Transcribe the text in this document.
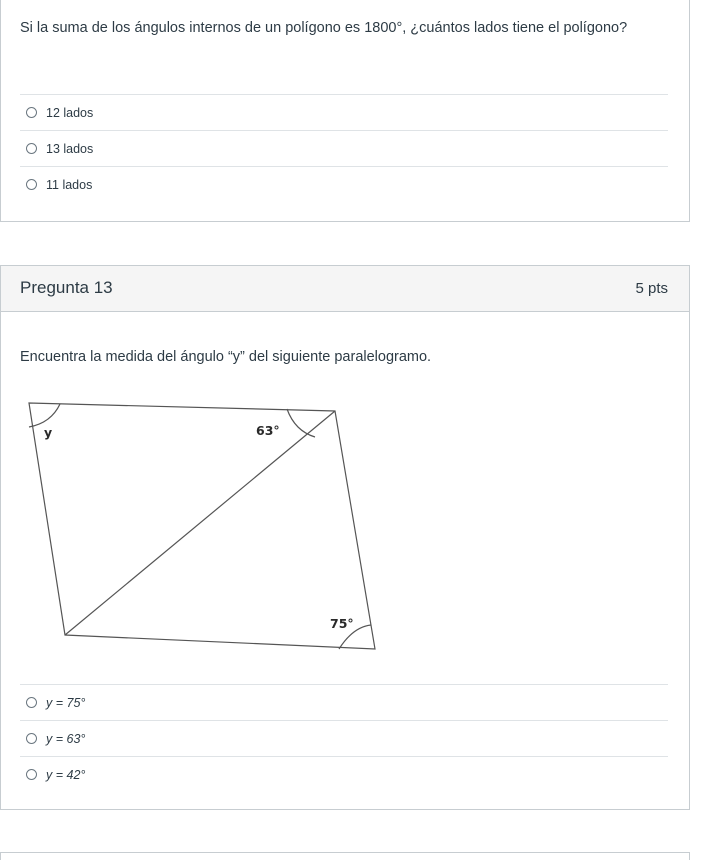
Si la suma de los ángulos internos de un polígono es 1800°, ¿cuántos lados tiene el polígono?
12 lados
13 lados
11 lados
Pregunta 13	5 pts
Encuentra la medida del ángulo “y” del siguiente paralelogramo.
y	63°
75°
y = 75°
y = 63°
y = 42°
